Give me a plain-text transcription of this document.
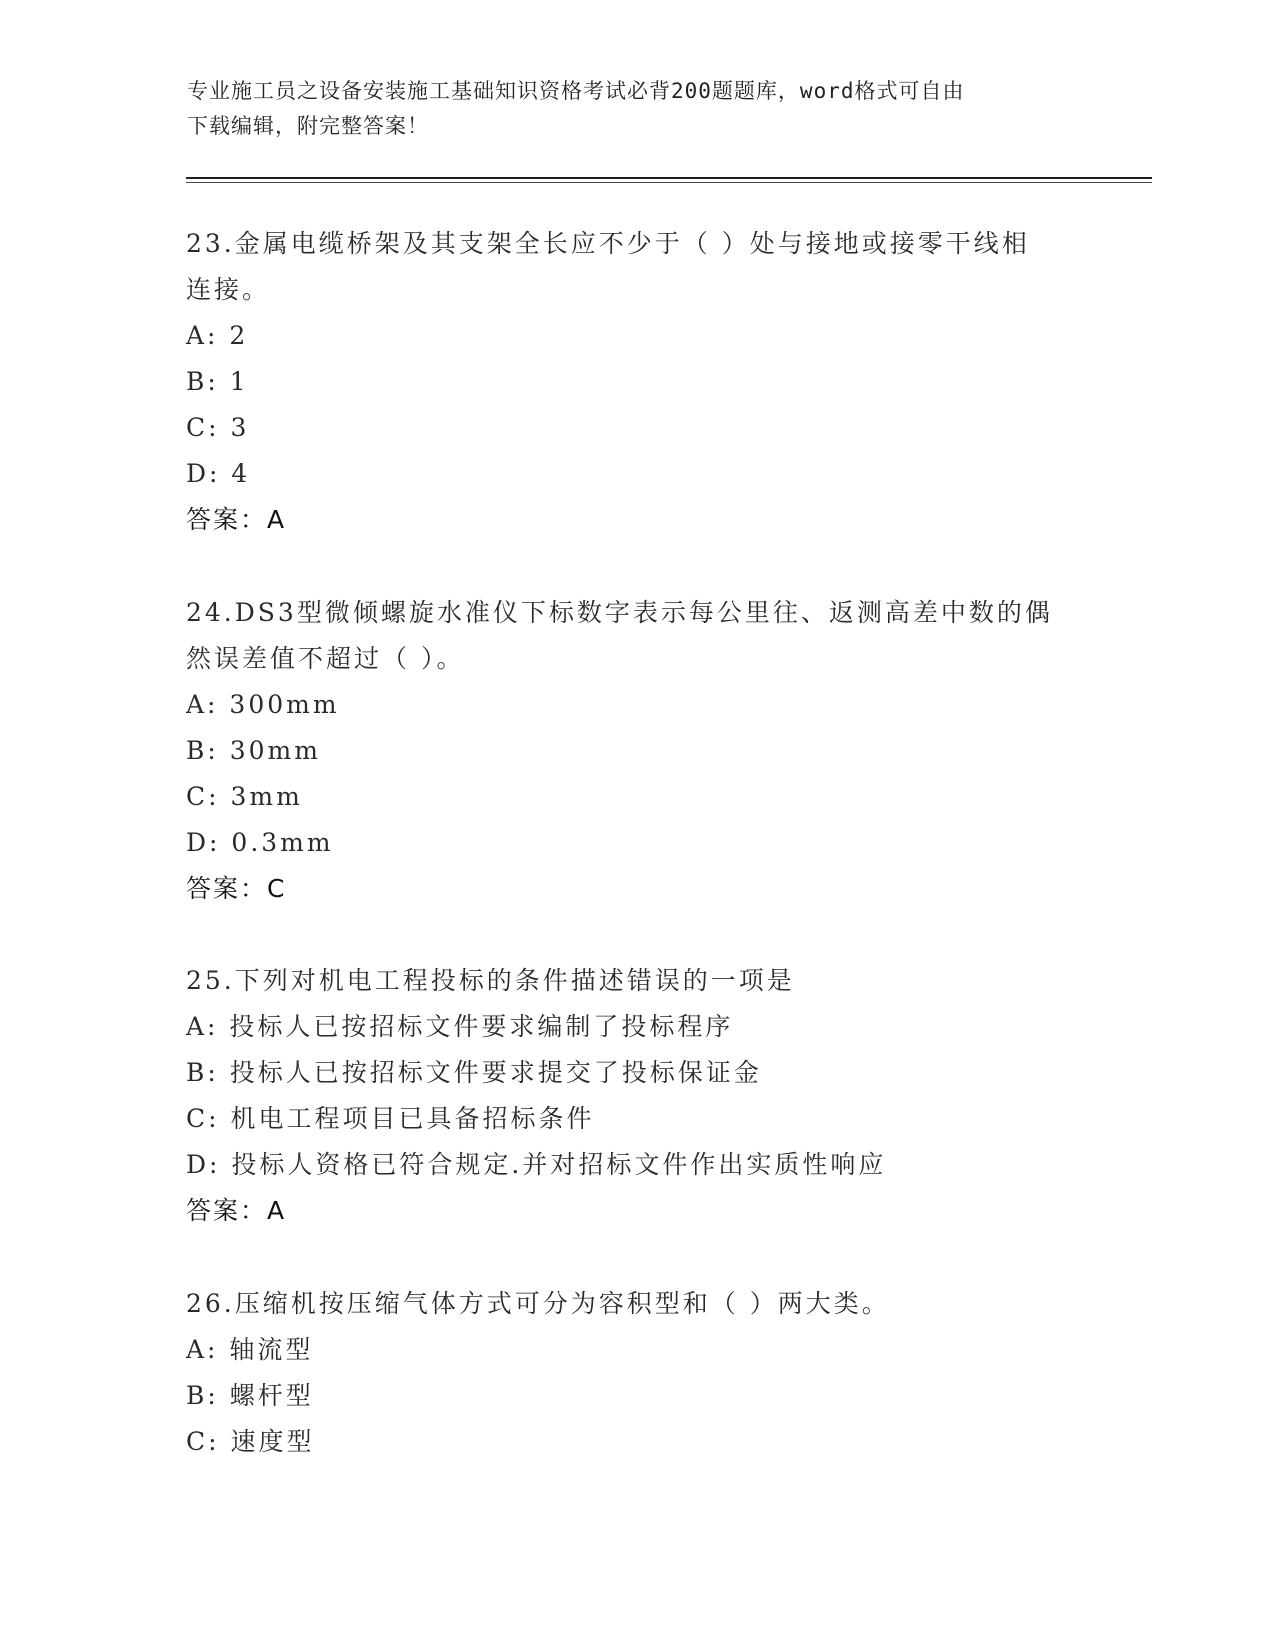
专业施工员之设备安装施工基础知识资格考试必背200题题库，word格式可自由
下载编辑，附完整答案！
23.金属电缆桥架及其支架全长应不少于（ ）处与接地或接零干线相
连接。
A: 2
B: 1
C: 3
D: 4
答案：A
24.DS3型微倾螺旋水准仪下标数字表示每公里往、返测高差中数的偶
然误差值不超过（ ）。
A: 300mm
B: 30mm
C: 3mm
D: 0.3mm
答案：C
25.下列对机电工程投标的条件描述错误的一项是
A: 投标人已按招标文件要求编制了投标程序
B: 投标人已按招标文件要求提交了投标保证金
C: 机电工程项目已具备招标条件
D: 投标人资格已符合规定.并对招标文件作出实质性响应
答案：A
26.压缩机按压缩气体方式可分为容积型和（ ）两大类。
A: 轴流型
B: 螺杆型
C: 速度型
